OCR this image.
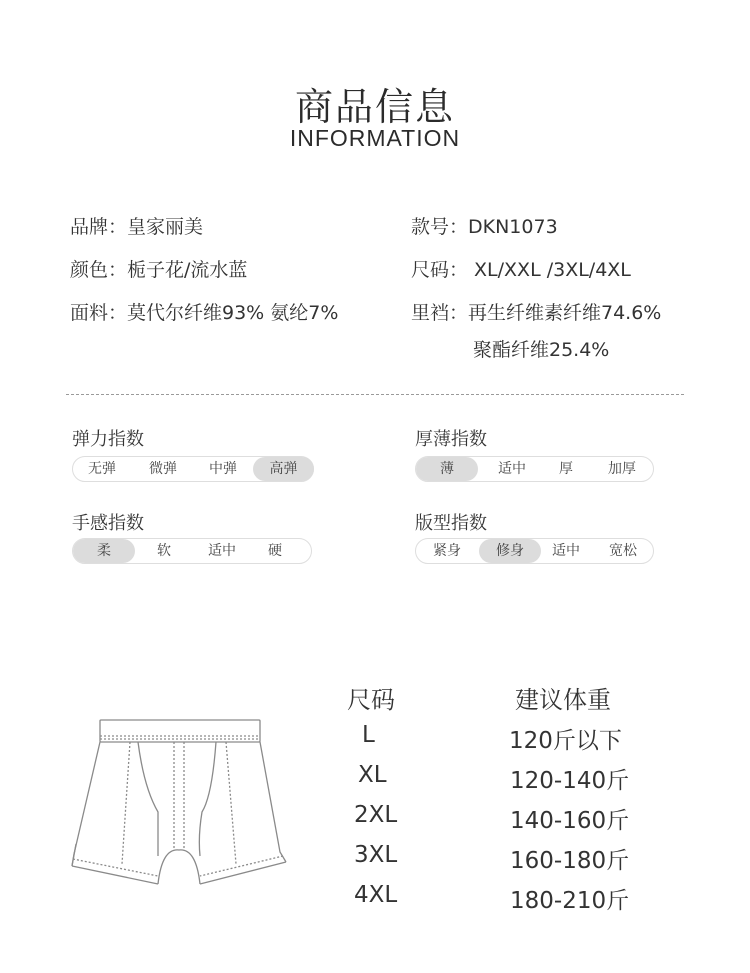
商品信息
INFORMATION
品牌：皇家丽美	款号：DKN1073
颜色：栀子花/流水蓝	尺码： XL/XXL /3XL/4XL
面料：莫代尔纤维93% 氨纶7%	里裆：再生纤维素纤维74.6%
聚酯纤维25.4%
弹力指数
无弹	微弹	中弹	高弹
厚薄指数
薄	适中	厚	加厚
手感指数
柔	软	适中	硬
版型指数
紧身	修身	适中	宽松
尺码	建议体重
L	120斤以下
XL	120-140斤
2XL	140-160斤
3XL	160-180斤
4XL	180-210斤
